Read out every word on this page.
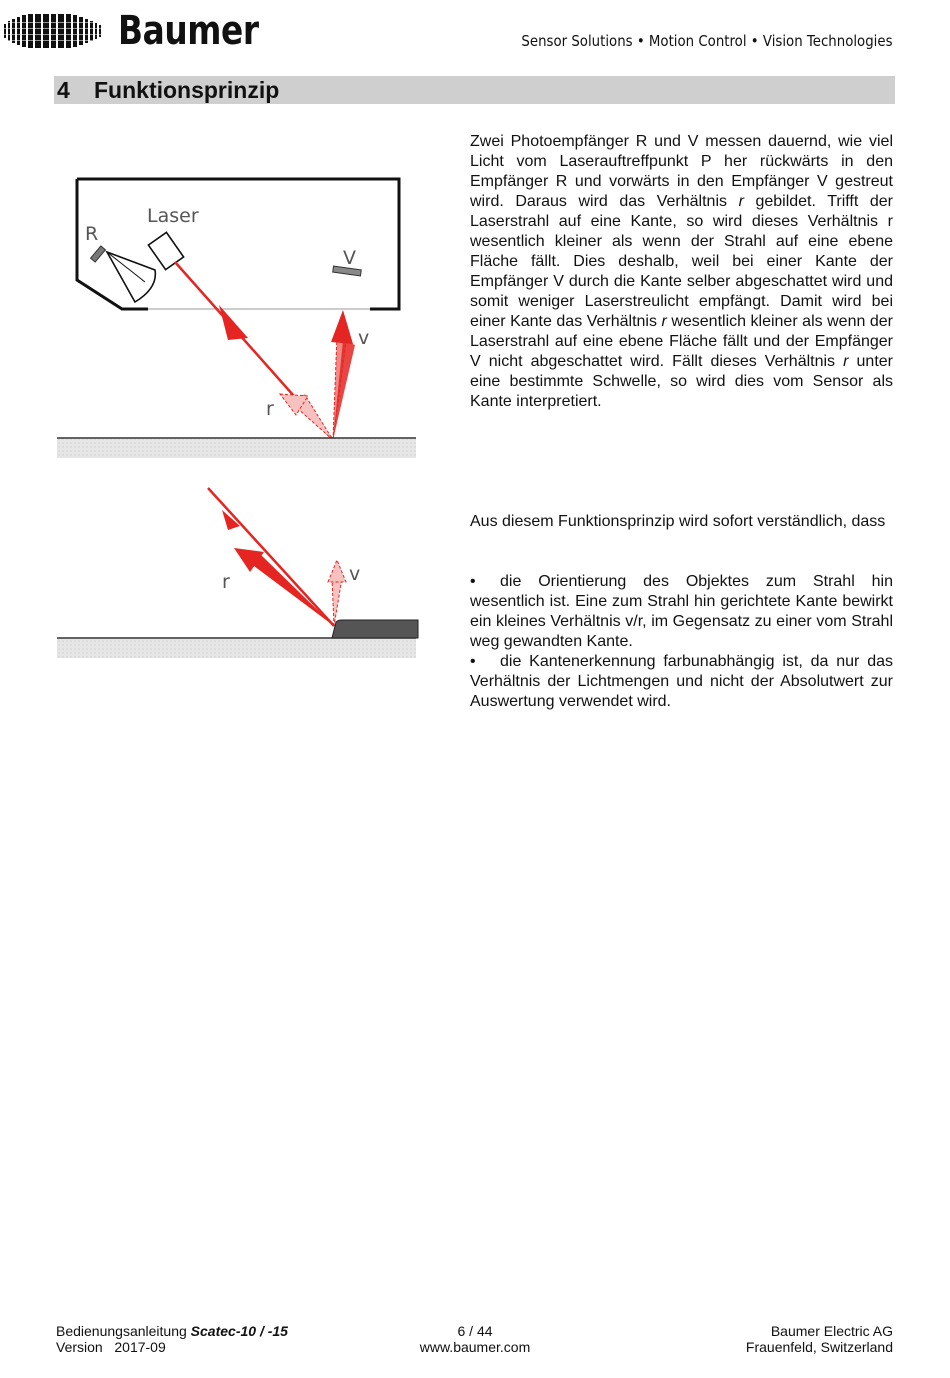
Baumer	Sensor Solutions • Motion Control • Vision Technologies
4 Funktionsprinzip
R
Laser
V
v
r
r	v
Zwei Photoempfänger R und V messen dauernd, wie viel Licht vom Laserauftreffpunkt P her rückwärts in den Empfänger R und vorwärts in den Empfänger V gestreut wird. Daraus wird das Verhältnis r gebildet. Trifft der Laserstrahl auf eine Kante, so wird dieses Verhältnis r wesentlich kleiner als wenn der Strahl auf eine ebene Fläche fällt. Dies deshalb, weil bei einer Kante der Empfänger V durch die Kante selber abgeschattet wird und somit weniger Laserstreulicht empfängt. Damit wird bei einer Kante das Verhältnis r wesentlich kleiner als wenn der Laserstrahl auf eine ebene Fläche fällt und der Empfänger V nicht abgeschattet wird. Fällt dieses Verhältnis r unter eine bestimmte Schwelle, so wird dies vom Sensor als Kante interpretiert.
Aus diesem Funktionsprinzip wird sofort verständlich, dass
• die Orientierung des Objektes zum Strahl hin wesentlich ist. Eine zum Strahl hin gerichtete Kante bewirkt ein kleines Verhältnis v/r, im Gegensatz zu einer vom Strahl weg gewandten Kante.
• die Kantenerkennung farbunabhängig ist, da nur das Verhältnis der Lichtmengen und nicht der Absolutwert zur Auswertung verwendet wird.
Bedienungsanleitung Scatec-10 / -15
Version   2017-09
6 / 44
www.baumer.com
Baumer Electric AG
Frauenfeld, Switzerland
